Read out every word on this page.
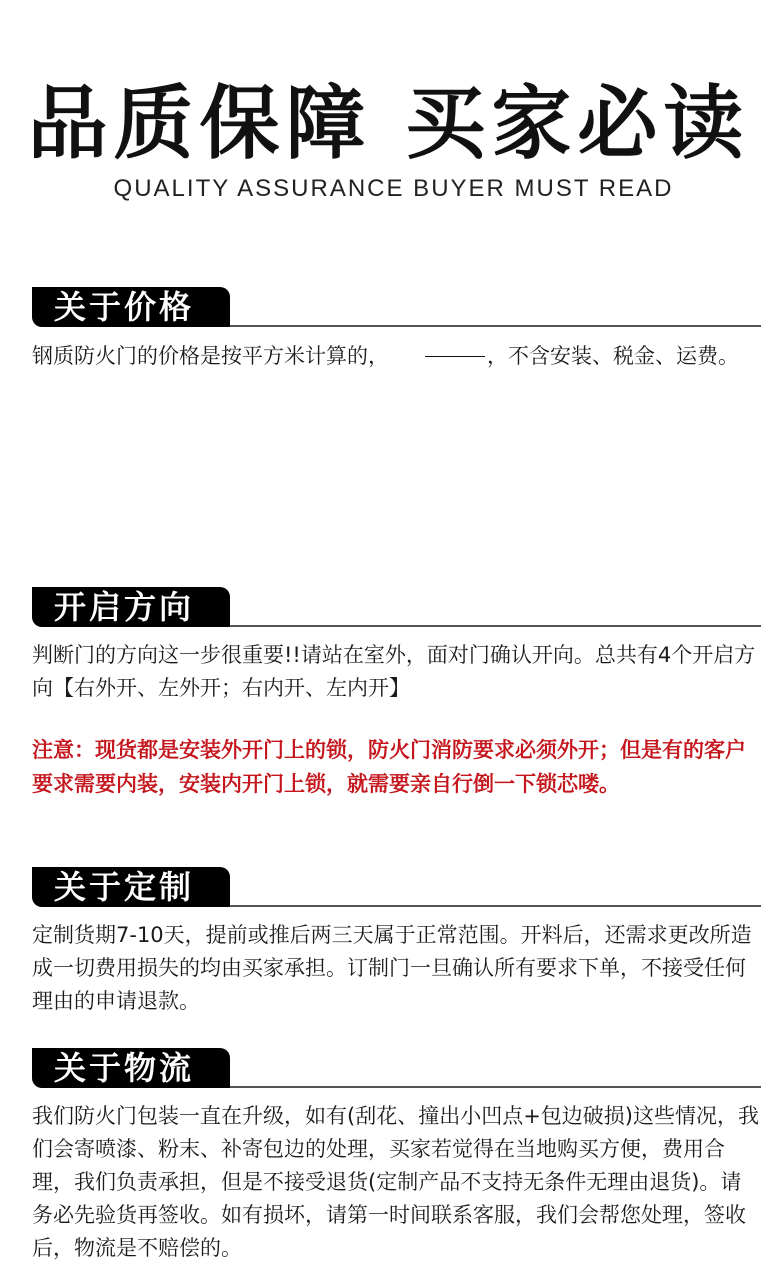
品质保障 买家必读
QUALITY ASSURANCE BUYER MUST READ
关于价格
钢质防火门的价格是按平方米计算的，	，不含安装、税金、运费。
开启方向
判断门的方向这一步很重要!!请站在室外，面对门确认开向。总共有4个开启方向【右外开、左外开；右内开、左内开】
注意：现货都是安装外开门上的锁，防火门消防要求必须外开；但是有的客户要求需要内装，安装内开门上锁，就需要亲自行倒一下锁芯喽。
关于定制
定制货期7-10天，提前或推后两三天属于正常范围。开料后，还需求更改所造成一切费用损失的均由买家承担。订制门一旦确认所有要求下单，不接受任何理由的申请退款。
关于物流
我们防火门包装一直在升级，如有(刮花、撞出小凹点+包边破损)这些情况，我们会寄喷漆、粉末、补寄包边的处理，买家若觉得在当地购买方便，费用合理，我们负责承担，但是不接受退货(定制产品不支持无条件无理由退货)。请务必先验货再签收。如有损坏，请第一时间联系客服，我们会帮您处理，签收后，物流是不赔偿的。
